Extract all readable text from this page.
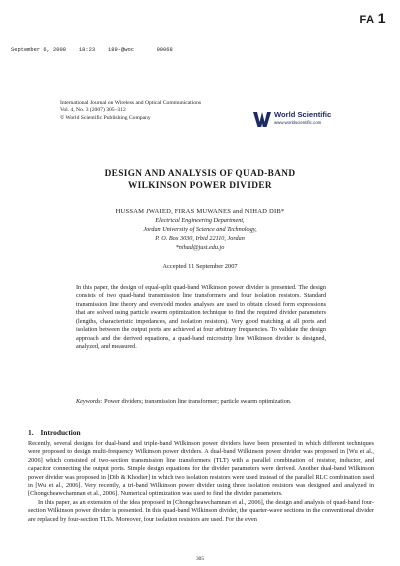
FA 1
September 6, 2008    18:23    189-@woc       00068
International Journal on Wireless and Optical Communications
Vol. 4, No. 3 (2007) 305–312
© World Scientific Publishing Company	World Scientific
www.worldscientific.com
DESIGN AND ANALYSIS OF QUAD-BAND
WILKINSON POWER DIVIDER
HUSSAM JWAIED, FIRAS MUWANES and NIHAD DIB*
Electrical Engineering Department,
Jordan University of Science and Technology,
P. O. Box 3030, Irbid 22110, Jordan
*nihad@just.edu.jo
Accepted 11 September 2007
In this paper, the design of equal-split quad-band Wilkinson power divider is presented. The design consists of two quad-band transmission line transformers and four isolation resistors. Standard transmission line theory and even/odd modes analyses are used to obtain closed form expressions that are solved using particle swarm optimization technique to find the required divider parameters (lengths, characteristic impedances, and isolation resistors). Very good matching at all ports and isolation between the output ports are achieved at four arbitrary frequencies. To validate the design approach and the derived equations, a quad-band microstrip line Wilkinson divider is designed, analyzed, and measured.
Keywords: Power dividers; transmission line transformer; particle swarm optimization.
1. Introduction

Recently, several designs for dual-band and triple-band Wilkinson power dividers have been presented in which different techniques were proposed to design multi-frequency Wilkinson power dividers. A dual-band Wilkinson power divider was proposed in [Wu et al., 2006] which consisted of two-section transmission line transformers (TLT) with a parallel combination of resistor, inductor, and capacitor connecting the output ports. Simple design equations for the divider parameters were derived. Another dual-band Wilkinson power divider was proposed in [Dib & Khodier] in which two isolation resistors were used instead of the parallel RLC combination used in [Wu et al., 2006]. Very recently, a tri-band Wilkinson power divider using three isolation resistors was designed and analyzed in [Chongcheawchamnan et al., 2006]. Numerical optimization was used to find the divider parameters.

In this paper, as an extension of the idea proposed in [Chongcheawchamnan et al., 2006], the design and analysis of quad-band four-section Wilkinson power divider is presented. In this quad-band Wilkinson divider, the quarter-wave sections in the conventional divider are replaced by four-section TLTs. Moreover, four isolation resistors are used. For the even

305
